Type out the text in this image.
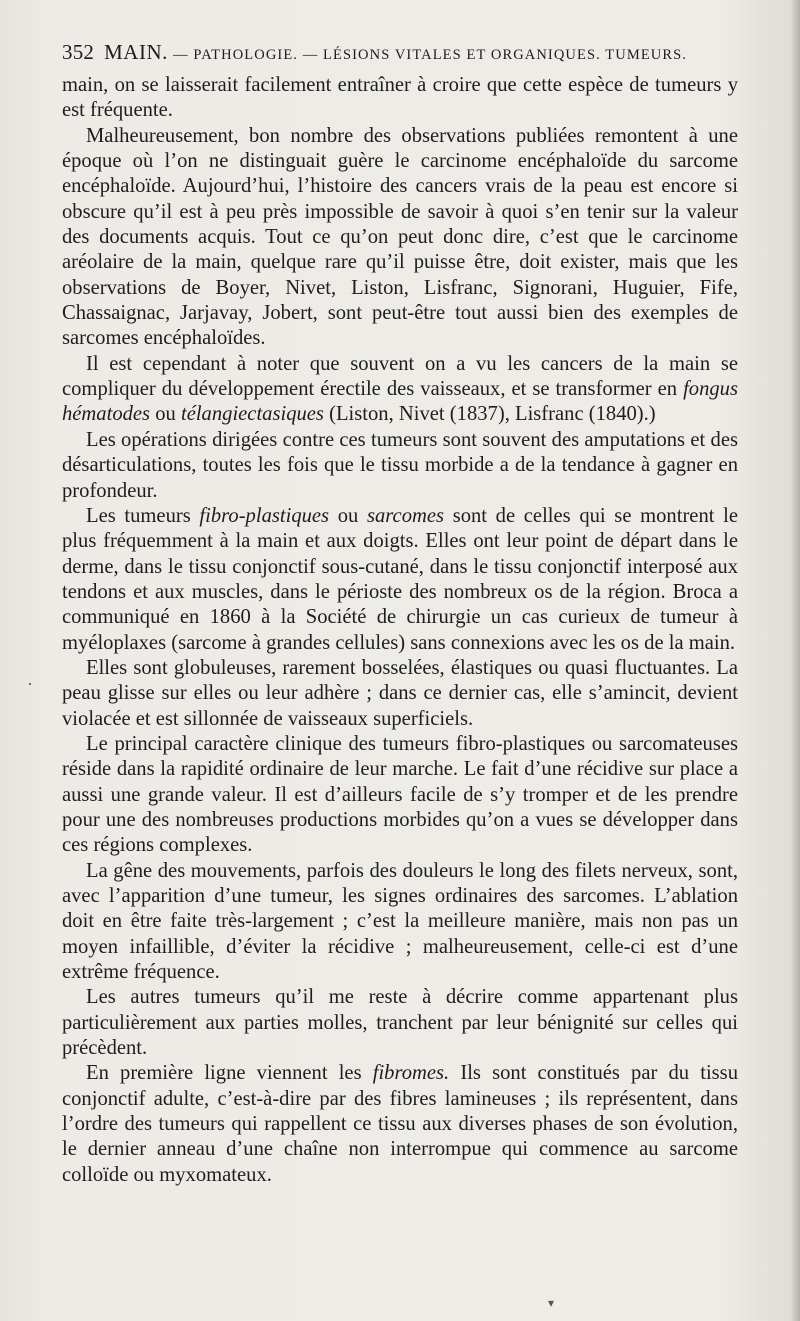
352 MAIN. — PATHOLOGIE. — LÉSIONS VITALES ET ORGANIQUES. TUMEURS.

main, on se laisserait facilement entraîner à croire que cette espèce de tumeurs y est fréquente.

Malheureusement, bon nombre des observations publiées remontent à une époque où l’on ne distinguait guère le carcinome encéphaloïde du sarcome encéphaloïde. Aujourd’hui, l’histoire des cancers vrais de la peau est encore si obscure qu’il est à peu près impossible de savoir à quoi s’en tenir sur la valeur des documents acquis. Tout ce qu’on peut donc dire, c’est que le carcinome aréolaire de la main, quelque rare qu’il puisse être, doit exister, mais que les observations de Boyer, Nivet, Liston, Lisfranc, Signorani, Huguier, Fife, Chassaignac, Jarjavay, Jobert, sont peut-être tout aussi bien des exemples de sarcomes encéphaloïdes.

Il est cependant à noter que souvent on a vu les cancers de la main se compliquer du développement érectile des vaisseaux, et se transformer en fongus hématodes ou télangiectasiques (Liston, Nivet (1837), Lisfranc (1840).)

Les opérations dirigées contre ces tumeurs sont souvent des amputations et des désarticulations, toutes les fois que le tissu morbide a de la tendance à gagner en profondeur.

Les tumeurs fibro-plastiques ou sarcomes sont de celles qui se montrent le plus fréquemment à la main et aux doigts. Elles ont leur point de départ dans le derme, dans le tissu conjonctif sous-cutané, dans le tissu conjonctif interposé aux tendons et aux muscles, dans le périoste des nombreux os de la région. Broca a communiqué en 1860 à la Société de chirurgie un cas curieux de tumeur à myéloplaxes (sarcome à grandes cellules) sans connexions avec les os de la main.

Elles sont globuleuses, rarement bosselées, élastiques ou quasi fluctuantes. La peau glisse sur elles ou leur adhère ; dans ce dernier cas, elle s’amincit, devient violacée et est sillonnée de vaisseaux superficiels.

Le principal caractère clinique des tumeurs fibro-plastiques ou sarcomateuses réside dans la rapidité ordinaire de leur marche. Le fait d’une récidive sur place a aussi une grande valeur. Il est d’ailleurs facile de s’y tromper et de les prendre pour une des nombreuses productions morbides qu’on a vues se développer dans ces régions complexes.

La gêne des mouvements, parfois des douleurs le long des filets nerveux, sont, avec l’apparition d’une tumeur, les signes ordinaires des sarcomes. L’ablation doit en être faite très-largement ; c’est la meilleure manière, mais non pas un moyen infaillible, d’éviter la récidive ; malheureusement, celle-ci est d’une extrême fréquence.

Les autres tumeurs qu’il me reste à décrire comme appartenant plus particulièrement aux parties molles, tranchent par leur bénignité sur celles qui précèdent.

En première ligne viennent les fibromes. Ils sont constitués par du tissu conjonctif adulte, c’est-à-dire par des fibres lamineuses ; ils représentent, dans l’ordre des tumeurs qui rappellent ce tissu aux diverses phases de son évolution, le dernier anneau d’une chaîne non interrompue qui commence au sarcome colloïde ou myxomateux.

.
▾
